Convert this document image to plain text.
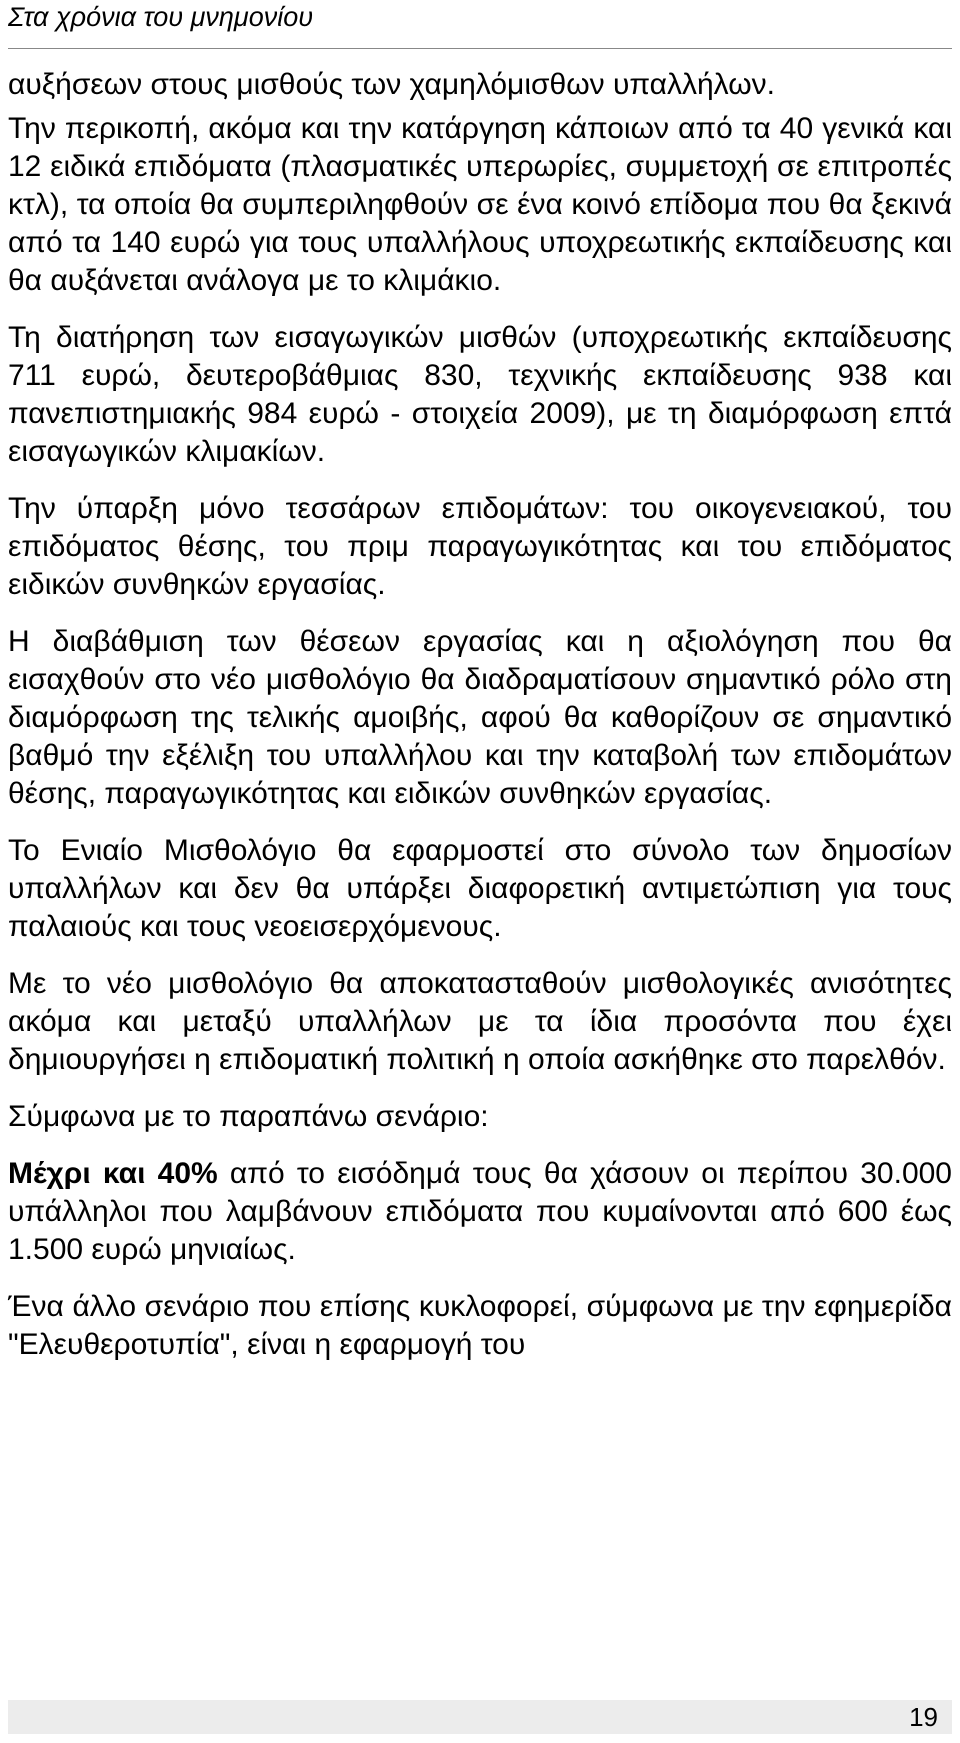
Στα χρόνια του μνημονίου

αυξήσεων στους μισθούς των χαμηλόμισθων υπαλλήλων.

Την περικοπή, ακόμα και την κατάργηση κάποιων από τα 40 γενικά και 12 ειδικά επιδόματα (πλασματικές υπερωρίες, συμμετοχή σε επιτροπές κτλ), τα οποία θα συμπεριληφθούν σε ένα κοινό επίδομα που θα ξεκινά από τα 140 ευρώ για τους υπαλλήλους υποχρεωτικής εκπαίδευσης και θα αυξάνεται ανάλογα με το κλιμάκιο.

Τη διατήρηση των εισαγωγικών μισθών (υποχρεωτικής εκπαίδευσης 711 ευρώ, δευτεροβάθμιας 830, τεχνικής εκπαίδευσης 938 και πανεπιστημιακής 984 ευρώ - στοιχεία 2009), με τη διαμόρφωση επτά εισαγωγικών κλιμακίων.

Την ύπαρξη μόνο τεσσάρων επιδομάτων: του οικογενειακού, του επιδόματος θέσης, του πριμ παραγωγικότητας και του επιδόματος ειδικών συνθηκών εργασίας.

Η διαβάθμιση των θέσεων εργασίας και η αξιολόγηση που θα εισαχθούν στο νέο μισθολόγιο θα διαδραματίσουν σημαντικό ρόλο στη διαμόρφωση της τελικής αμοιβής, αφού θα καθορίζουν σε σημαντικό βαθμό την εξέλιξη του υπαλλήλου και την καταβολή των επιδομάτων θέσης, παραγωγικότητας και ειδικών συνθηκών εργασίας.

Το Ενιαίο Μισθολόγιο θα εφαρμοστεί στο σύνολο των δημοσίων υπαλλήλων και δεν θα υπάρξει διαφορετική αντιμετώπιση για τους παλαιούς και τους νεοεισερχόμενους.

Με το νέο μισθολόγιο θα αποκατασταθούν μισθολογικές ανισότητες ακόμα και μεταξύ υπαλλήλων με τα ίδια προσόντα που έχει δημιουργήσει η επιδοματική πολιτική η οποία ασκήθηκε στο παρελθόν.

Σύμφωνα με το παραπάνω σενάριο:

Μέχρι και 40% από το εισόδημά τους θα χάσουν οι περίπου 30.000 υπάλληλοι που λαμβάνουν επιδόματα που κυμαίνονται από 600 έως 1.500 ευρώ μηνιαίως.

Ένα άλλο σενάριο που επίσης κυκλοφορεί, σύμφωνα με την εφημερίδα "Ελευθεροτυπία", είναι η εφαρμογή του

19
